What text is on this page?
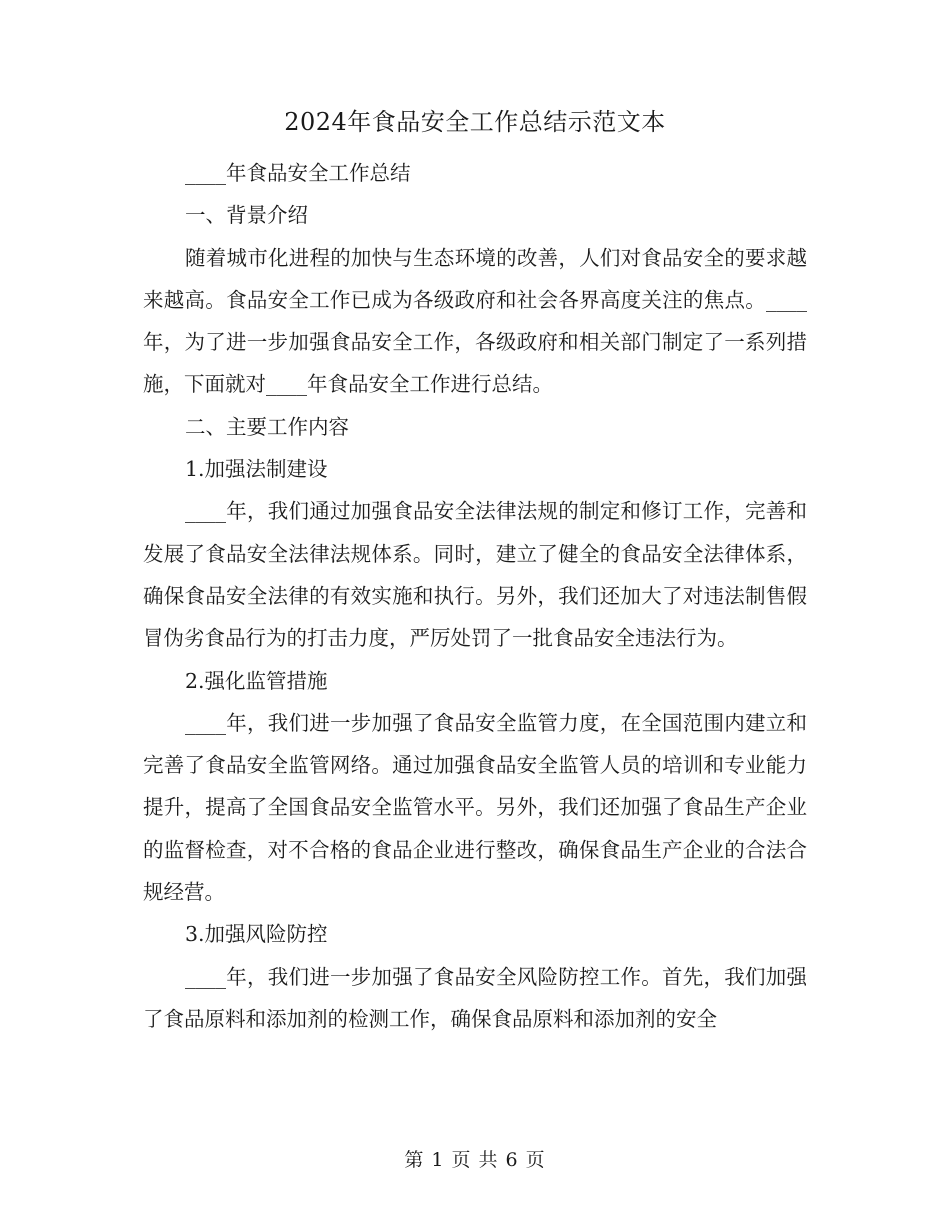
2024年食品安全工作总结示范文本

____年食品安全工作总结

一、背景介绍

随着城市化进程的加快与生态环境的改善，人们对食品安全的要求越来越高。食品安全工作已成为各级政府和社会各界高度关注的焦点。____年，为了进一步加强食品安全工作，各级政府和相关部门制定了一系列措施，下面就对____年食品安全工作进行总结。

二、主要工作内容

1.加强法制建设

____年，我们通过加强食品安全法律法规的制定和修订工作，完善和发展了食品安全法律法规体系。同时，建立了健全的食品安全法律体系，确保食品安全法律的有效实施和执行。另外，我们还加大了对违法制售假冒伪劣食品行为的打击力度，严厉处罚了一批食品安全违法行为。

2.强化监管措施

____年，我们进一步加强了食品安全监管力度，在全国范围内建立和完善了食品安全监管网络。通过加强食品安全监管人员的培训和专业能力提升，提高了全国食品安全监管水平。另外，我们还加强了食品生产企业的监督检查，对不合格的食品企业进行整改，确保食品生产企业的合法合规经营。

3.加强风险防控

____年，我们进一步加强了食品安全风险防控工作。首先，我们加强了食品原料和添加剂的检测工作，确保食品原料和添加剂的安全

第 1 页 共 6 页
